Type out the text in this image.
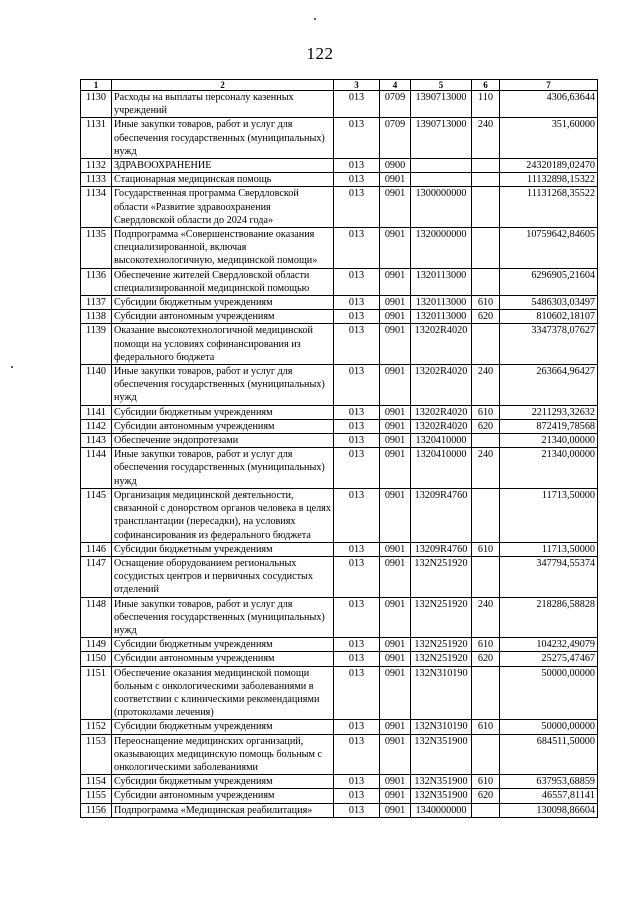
122
1	2	3	4	5	6	7
1130	Расходы на выплаты персоналу казенных учреждений	013	0709	1390713000	110	4306,63644
1131	Иные закупки товаров, работ и услуг для обеспечения государственных (муниципальных) нужд	013	0709	1390713000	240	351,60000
1132	ЗДРАВООХРАНЕНИЕ	013	0900			24320189,02470
1133	Стационарная медицинская помощь	013	0901			11132898,15322
1134	Государственная программа Свердловской области «Развитие здравоохранения Свердловской области до 2024 года»	013	0901	1300000000		11131268,35522
1135	Подпрограмма «Совершенствование оказания специализированной, включая высокотехнологичную, медицинской помощи»	013	0901	1320000000		10759642,84605
1136	Обеспечение жителей Свердловской области специализированной медицинской помощью	013	0901	1320113000		6296905,21604
1137	Субсидии бюджетным учреждениям	013	0901	1320113000	610	5486303,03497
1138	Субсидии автономным учреждениям	013	0901	1320113000	620	810602,18107
1139	Оказание высокотехнологичной медицинской помощи на условиях софинансирования из федерального бюджета	013	0901	13202R4020		3347378,07627
1140	Иные закупки товаров, работ и услуг для обеспечения государственных (муниципальных) нужд	013	0901	13202R4020	240	263664,96427
1141	Субсидии бюджетным учреждениям	013	0901	13202R4020	610	2211293,32632
1142	Субсидии автономным учреждениям	013	0901	13202R4020	620	872419,78568
1143	Обеспечение эндопротезами	013	0901	1320410000		21340,00000
1144	Иные закупки товаров, работ и услуг для обеспечения государственных (муниципальных) нужд	013	0901	1320410000	240	21340,00000
1145	Организация медицинской деятельности, связанной с донорством органов человека в целях трансплантации (пересадки), на условиях софинансирования из федерального бюджета	013	0901	13209R4760		11713,50000
1146	Субсидии бюджетным учреждениям	013	0901	13209R4760	610	11713,50000
1147	Оснащение оборудованием региональных сосудистых центров и первичных сосудистых отделений	013	0901	132N251920		347794,55374
1148	Иные закупки товаров, работ и услуг для обеспечения государственных (муниципальных) нужд	013	0901	132N251920	240	218286,58828
1149	Субсидии бюджетным учреждениям	013	0901	132N251920	610	104232,49079
1150	Субсидии автономным учреждениям	013	0901	132N251920	620	25275,47467
1151	Обеспечение оказания медицинской помощи больным с онкологическими заболеваниями в соответствии с клиническими рекомендациями (протоколами лечения)	013	0901	132N310190		50000,00000
1152	Субсидии бюджетным учреждениям	013	0901	132N310190	610	50000,00000
1153	Переоснащение медицинских организаций, оказывающих медицинскую помощь больным с онкологическими заболеваниями	013	0901	132N351900		684511,50000
1154	Субсидии бюджетным учреждениям	013	0901	132N351900	610	637953,68859
1155	Субсидии автономным учреждениям	013	0901	132N351900	620	46557,81141
1156	Подпрограмма «Медицинская реабилитация»	013	0901	1340000000		130098,86604
